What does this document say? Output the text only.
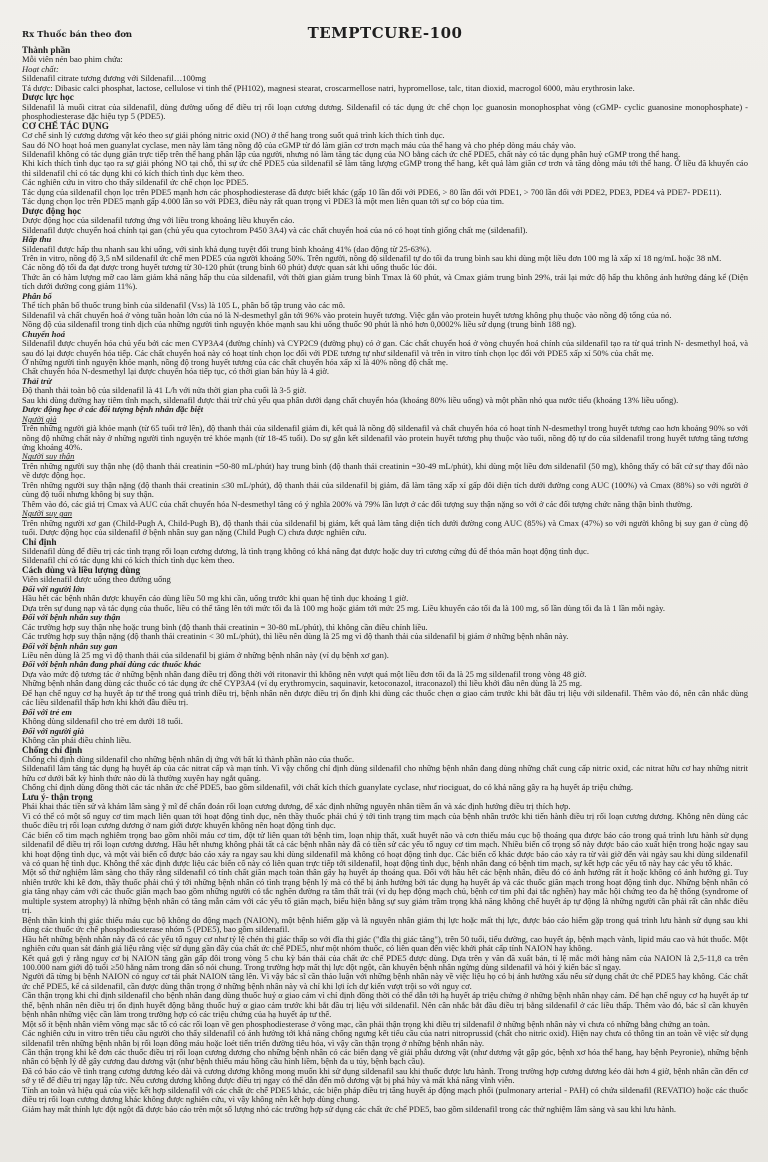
Rx Thuốc bán theo đơn	TEMPTCURE-100

Thành phần

Mỗi viên nén bao phim chứa:

Hoạt chất:

Sildenafil citrate tương đương với Sildenafil…100mg

Tá dược: Dibasic calci phosphat, lactose, cellulose vi tinh thể (PH102), magnesi stearat, croscarmellose natri, hypromellose, talc, titan dioxid, macrogol 6000, màu erythrosin lake.

Dược lực học

Sildenafil là muối citrat của sildenafil, dùng đường uống để điều trị rối loạn cương dương. Sildenafil có tác dụng ức chế chọn lọc guanosin monophosphat vòng (cGMP- cyclic guanosine monophosphate) - phosphodiesterase đặc hiệu typ 5 (PDE5).

CƠ CHẾ TÁC DỤNG

Cơ chế sinh lý cương dương vật kéo theo sự giải phóng nitric oxid (NO) ở thể hang trong suốt quá trình kích thích tình dục.

Sau đó NO hoạt hoá men guanylat cyclase, men này làm tăng nồng độ của cGMP từ đó làm giãn cơ trơn mạch máu của thể hang và cho phép dòng máu chảy vào.

Sildenafil không có tác dụng giãn trực tiếp trên thể hang phân lập của người, nhưng nó làm tăng tác dụng của NO bằng cách ức chế PDE5, chất này có tác dụng phân huỷ cGMP trong thể hang.

Khi kích thích tình dục tạo ra sự giải phóng NO tại chỗ, thì sự ức chế PDE5 của sildenafil sẽ làm tăng lượng cGMP trong thể hang, kết quả làm giãn cơ trơn và tăng dòng máu tới thể hang. Ở liều đã khuyến cáo thì sildenafil chỉ có tác dụng khi có kích thích tình dục kèm theo.

Các nghiên cứu in vitro cho thấy sildenafil ức chế chọn lọc PDE5.

Tác dụng của sildenafil chọn lọc trên PDE5 mạnh hơn các phosphodiesterase đã được biết khác (gấp 10 lần đối với PDE6, > 80 lần đối với PDE1, > 700 lần đối với PDE2, PDE3, PDE4 và PDE7- PDE11).

Tác dụng chọn lọc trên PDE5 mạnh gấp 4.000 lần so với PDE3, điều này rất quan trọng vì PDE3 là một men liên quan tới sự co bóp của tim.

Dược động học

Dược động học của sildenafil tương ứng với liều trong khoảng liều khuyến cáo.

Sildenafil được chuyển hoá chính tại gan (chủ yếu qua cytochrom P450 3A4) và các chất chuyển hoá của nó có hoạt tính giống chất mẹ (sildenafil).

Hấp thu

Sildenafil được hấp thu nhanh sau khi uống, với sinh khả dụng tuyệt đối trung bình khoảng 41% (dao động từ 25-63%).

Trên in vitro, nồng độ 3,5 nM sildenafil ức chế men PDE5 của người khoảng 50%. Trên người, nồng độ sildenafil tự do tối đa trung bình sau khi dùng một liều đơn 100 mg là xấp xỉ 18 ng/mL hoặc 38 nM.

Các nồng độ tối đa đạt được trong huyết tương từ 30-120 phút (trung bình 60 phút) được quan sát khi uống thuốc lúc đói.

Thức ăn có hàm lượng mỡ cao làm giảm khả năng hấp thu của sildenafil, với thời gian giảm trung bình Tmax là 60 phút, và Cmax giảm trung bình 29%, trải lại mức độ hấp thu không ảnh hưởng đáng kể (Diện tích dưới đường cong giảm 11%).

Phân bố

Thể tích phân bố thuốc trung bình của sildenafil (Vss) là 105 L, phân bố tập trung vào các mô.

Sildenafil và chất chuyển hoá ở vòng tuần hoàn lớn của nó là N-desmethyl gắn tới 96% vào protein huyết tương. Việc gắn vào protein huyết tương không phụ thuộc vào nồng độ tổng của nó.

Nồng độ của sildenafil trong tinh dịch của những người tình nguyện khỏe mạnh sau khi uống thuốc 90 phút là nhỏ hơn 0,0002% liều sử dụng (trung bình 188 ng).

Chuyển hoá

Sildenafil được chuyển hóa chủ yếu bởi các men CYP3A4 (đường chính) và CYP2C9 (đường phụ) có ở gan. Các chất chuyển hoá ở vòng chuyển hoá chính của sildenafil tạo ra từ quá trình N- desmethyl hoá, và sau đó lại được chuyển hóa tiếp. Các chất chuyển hoá này có hoạt tính chọn lọc đối với PDE tương tự như sildenafil và trên in vitro tính chọn lọc đối với PDE5 xấp xỉ 50% của chất mẹ.

Ở những người tình nguyện khỏe mạnh, nồng độ trong huyết tương của các chất chuyển hóa xấp xỉ là 40% nồng độ chất mẹ.

Chất chuyển hóa N-desmethyl lại được chuyển hóa tiếp tục, có thời gian bán hủy là 4 giờ.

Thải trừ

Độ thanh thải toàn bộ của sildenafil là 41 L/h với nửa thời gian pha cuối là 3-5 giờ.

Sau khi dùng đường hay tiêm tĩnh mạch, sildenafil được thải trừ chủ yếu qua phân dưới dạng chất chuyển hóa (khoảng 80% liều uống) và một phần nhỏ qua nước tiểu (khoảng 13% liều uống).

Dược động học ở các đối tượng bệnh nhân đặc biệt

Người già

Trên những người già khỏe mạnh (từ 65 tuổi trở lên), độ thanh thải của sildenafil giảm đi, kết quả là nồng độ sildenafil và chất chuyển hóa có hoạt tính N-desmethyl trong huyết tương cao hơn khoảng 90% so với nồng độ những chất này ở những người tình nguyện trẻ khỏe mạnh (từ 18-45 tuổi). Do sự gắn kết sildenafil vào protein huyết tương phụ thuộc vào tuổi, nồng độ tự do của sildenafil trong huyết tương tăng tương ứng khoảng 40%.

Người suy thận

Trên những người suy thận nhẹ (độ thanh thải creatinin =50-80 mL/phút) hay trung bình (độ thanh thải creatinin =30-49 mL/phút), khi dùng một liều đơn sildenafil (50 mg), không thấy có bất cứ sự thay đổi nào về dược động học.

Trên những người suy thận nặng (độ thanh thải creatinin ≤30 mL/phút), độ thanh thải của sildenafil bị giảm, đã làm tăng xấp xỉ gấp đôi diện tích dưới đường cong AUC (100%) và Cmax (88%) so với người ở cùng độ tuổi nhưng không bị suy thận.

Thêm vào đó, các giá trị Cmax và AUC của chất chuyển hóa N-desmethyl tăng có ý nghĩa 200% và 79% lần lượt ở các đối tượng suy thận nặng so với ở các đối tượng chức năng thận bình thường.

Người suy gan

Trên những người xơ gan (Child-Pugh A, Child-Pugh B), độ thanh thải của sildenafil bị giảm, kết quả làm tăng diện tích dưới đường cong AUC (85%) và Cmax (47%) so với người không bị suy gan ở cùng độ tuổi. Dược động học của sildenafil ở bệnh nhân suy gan nặng (Child Pugh C) chưa được nghiên cứu.

Chỉ định

Sildenafil dùng để điều trị các tình trạng rối loạn cương dương, là tình trạng không có khả năng đạt được hoặc duy trì cương cứng đủ để thỏa mãn hoạt động tình dục.

Sildenafil chỉ có tác dụng khi có kích thích tình dục kèm theo.

Cách dùng và liều lượng dùng

Viên sildenafil được uống theo đường uống

Đối với người lớn

Hầu hết các bệnh nhân được khuyến cáo dùng liều 50 mg khi cần, uống trước khi quan hệ tình dục khoảng 1 giờ.

Dựa trên sự dung nạp và tác dụng của thuốc, liều có thể tăng lên tới mức tối đa là 100 mg hoặc giảm tới mức 25 mg. Liều khuyến cáo tối đa là 100 mg, số lần dùng tối đa là 1 lần mỗi ngày.

Đối với bệnh nhân suy thận

Các trường hợp suy thận nhẹ hoặc trung bình (độ thanh thải creatinin = 30-80 mL/phút), thì không cần điều chỉnh liều.

Các trường hợp suy thận nặng (độ thanh thải creatinin < 30 mL/phút), thì liều nên dùng là 25 mg vì độ thanh thải của sildenafil bị giảm ở những bệnh nhân này.

Đối với bệnh nhân suy gan

Liều nên dùng là 25 mg vì độ thanh thải của sildenafil bị giảm ở những bệnh nhân này (ví dụ bệnh xơ gan).

Đối với bệnh nhân đang phải dùng các thuốc khác

Dựa vào mức độ tương tác ở những bệnh nhân đang điều trị đồng thời với ritonavir thì không nên vượt quá một liều đơn tối đa là 25 mg sildenafil trong vòng 48 giờ.

Những bệnh nhân đang dùng các thuốc có tác dụng ức chế CYP3A4 (ví dụ erythromycin, saquinavir, ketoconazol, itraconazol) thì liều khởi đầu nên dùng là 25 mg.

Để hạn chế nguy cơ hạ huyết áp tư thế trong quá trình điều trị, bệnh nhân nên được điều trị ổn định khi dùng các thuốc chẹn α giao cảm trước khi bắt đầu trị liệu với sildenafil. Thêm vào đó, nên cân nhắc dùng các liều sildenafil thấp hơn khi khởi đầu điều trị.

Đối với trẻ em

Không dùng sildenafil cho trẻ em dưới 18 tuổi.

Đối với người già

Không cần phải điều chỉnh liều.

Chống chỉ định

Chống chỉ định dùng sildenafil cho những bệnh nhân dị ứng với bất kì thành phần nào của thuốc.

Sildenafil làm tăng tác dụng hạ huyết áp của các nitrat cấp và mạn tính. Vì vậy chống chỉ định dùng sildenafil cho những bệnh nhân đang dùng những chất cung cấp nitric oxid, các nitrat hữu cơ hay những nitrit hữu cơ dưới bất kỳ hình thức nào dù là thường xuyên hay ngắt quãng.

Chống chỉ định dùng đồng thời các tác nhân ức chế PDE5, bao gồm sildenafil, với chất kích thích guanylate cyclase, như riociguat, do có khả năng gây ra hạ huyết áp triệu chứng.

Lưu ý- thận trọng

Phải khai thác tiền sử và khám lâm sàng ỹ mĩ để chẩn đoán rối loạn cương dương, để xác định những nguyên nhân tiềm ẩn và xác định hướng điều trị thích hợp.

Vì có thể có một số nguy cơ tim mạch liên quan tới hoạt động tình dục, nên thầy thuốc phải chú ý tới tình trạng tim mạch của bệnh nhân trước khi tiến hành điều trị rối loạn cương dương. Không nên dùng các thuốc điều trị rối loạn cương dương ở nam giới được khuyến không nên hoạt động tình dục.

Các biến cố tim mạch nghiêm trọng bao gồm nhồi máu cơ tim, đột tử liên quan tới bệnh tim, loạn nhịp thất, xuất huyết não và cơn thiếu máu cục bộ thoáng qua được báo cáo trong quá trình lưu hành sử dụng sildenafil để điều trị rối loạn cương dương. Hầu hết nhưng không phải tất cả các bệnh nhân này đã có tiền sử các yếu tố nguy cơ tim mạch. Nhiều biến cố trọng số này được báo cáo xuất hiện trong hoặc ngay sau khi hoạt động tình dục, và một vài biến cố được báo cáo xảy ra ngay sau khi dùng sildenafil mà không có hoạt động tình dục. Các biến cố khác được báo cáo xảy ra từ vài giờ đến vài ngày sau khi dùng sildenafil và có quan hệ tình dục. Không thể xác định được liệu các biến cố này có liên quan trực tiếp tới sildenafil, hoạt động tình dục, bệnh nhân đang có bệnh tim mạch, sự kết hợp các yếu tố này hay các yếu tố khác.

Một số thử nghiệm lâm sàng cho thấy rằng sildenafil có tính chất giãn mạch toàn thân gây hạ huyết áp thoáng qua. Đối với hầu hết các bệnh nhân, điều đó có ảnh hưởng rất ít hoặc không có ảnh hưởng gì. Tuy nhiên trước khi kê đơn, thầy thuốc phải chú ý tới những bệnh nhân có tình trạng bệnh lý mà có thể bị ảnh hưởng bởi tác dụng hạ huyết áp và các thuốc giãn mạch trong hoạt động tình dục. Những bệnh nhân có gia tăng nhạy cảm với các thuốc giãn mạch bao gồm những người có tắc nghẽn đường ra tâm thất trái (ví dụ hẹp động mạch chủ, bệnh cơ tim phì đại tắc nghẽn) hay mắc hội chứng teo đa hệ thống (syndrome of multiple system atrophy) là những bệnh nhân có tăng mẫn cảm với các yếu tố giãn mạch, biểu hiện bằng sự suy giảm trầm trọng khả năng không chế huyết áp tự động là những người cần phải rất cân nhắc điều trị.

Bệnh thần kinh thị giác thiếu máu cục bộ không do động mạch (NAION), một bệnh hiếm gặp và là nguyên nhân giảm thị lực hoặc mất thị lực, được báo cáo hiếm gặp trong quá trình lưu hành sử dụng sau khi dùng các thuốc ức chế phosphodiesterase nhóm 5 (PDE5), bao gồm sildenafil.

Hầu hết những bệnh nhân này đã có các yếu tố nguy cơ như tỷ lệ chén thị giác thấp so với đĩa thị giác ("đĩa thị giác tăng"), trên 50 tuổi, tiểu đường, cao huyết áp, bệnh mạch vành, lipid máu cao và hút thuốc. Một nghiên cứu quan sát đánh giá liệu rằng việc sử dụng gần đây của chất ức chế PDE5, như một nhóm thuốc, có liên quan đến việc khởi phát cấp tính NAION hay không.

Kết quả gợi ý rằng nguy cơ bị NAION tăng gần gấp đôi trong vòng 5 chu kỳ bán thải của chất ức chế PDE5 được dùng. Dựa trên y văn đã xuất bản, tỉ lệ mắc mới hàng năm của NAION là 2,5-11,8 ca trên 100.000 nam giới độ tuổi ≥50 hằng năm trong dân số nói chung. Trong trường hợp mất thị lực đột ngột, cần khuyên bệnh nhân ngừng dùng sildenafil và hỏi ý kiến bác sĩ ngay.

Người đã từng bị bệnh NAION có nguy cơ tái phát NAION tăng lên. Vì vậy bác sĩ cần thảo luận với những bệnh nhân này về việc liệu họ có bị ảnh hưởng xấu nếu sử dụng chất ức chế PDE5 hay không. Các chất ức chế PDE5, kể cả sildenafil, cần được dùng thận trọng ở những bệnh nhân này và chỉ khi lợi ích dự kiến vượt trội so với nguy cơ.

Cần thận trọng khi chỉ định sildenafil cho bệnh nhân đang dùng thuốc huỷ α giao cảm vì chỉ định đồng thời có thể dẫn tới hạ huyết áp triệu chứng ở những bệnh nhân nhạy cảm. Để hạn chế nguy cơ hạ huyết áp tư thế, bệnh nhân nên điều trị ổn định huyết động bằng thuốc huỷ α giao cảm trước khi bắt đầu trị liệu với sildenafil. Nên cân nhắc bắt đầu điều trị bằng sildenafil ở các liều thấp. Thêm vào đó, bác sĩ cần khuyên bệnh nhân những việc cần làm trong trường hợp có các triệu chứng của hạ huyết áp tư thế.

Một số ít bệnh nhân viêm võng mạc sắc tố có các rối loạn về gen phosphodiesterase ở võng mạc, cần phải thận trọng khi điều trị sildenafil ở những bệnh nhân này vì chưa có những bằng chứng an toàn.

Các nghiên cứu in vitro trên tiểu cầu người cho thấy sildenafil có ảnh hưởng tới khả năng chống ngưng kết tiểu cầu của natri nitroprussid (chất cho nitric oxid). Hiện nay chưa có thông tin an toàn về việc sử dụng sildenafil trên những bệnh nhân bị rối loạn đông máu hoặc loét tiến triển đường tiêu hóa, vì vậy cần thận trọng ở những bệnh nhân này.

Cần thận trọng khi kê đơn các thuốc điều trị rối loạn cương dương cho những bệnh nhân có các biến dạng về giải phẫu dương vật (như dương vật gập góc, bệnh xơ hóa thể hang, hay bệnh Peyronie), những bệnh nhân có bệnh lý dễ gây cương đau dương vật (như bệnh thiếu máu hồng cầu hình liềm, bệnh đa u tủy, bệnh bạch cầu).

Đã có báo cáo về tình trạng cương dương kéo dài và cương dương không mong muốn khi sử dụng sildenafil sau khi thuốc được lưu hành. Trong trường hợp cương dương kéo dài hơn 4 giờ, bệnh nhân cần đến cơ sở y tế để điều trị ngay lập tức. Nếu cương dương không được điều trị ngay có thể dẫn đến mô dương vật bị phá hủy và mất khả năng vĩnh viễn.

Tính an toàn và hiệu quả của việc kết hợp sildenafil với các chất ức chế PDE5 khác, các biện pháp điều trị tăng huyết áp động mạch phổi (pulmonary arterial - PAH) có chứa sildenafil (REVATIO) hoặc các thuốc điều trị rối loạn cương dương khác không được nghiên cứu, vì vậy không nên kết hợp dùng chung.

Giảm hay mất thính lực đột ngột đã được báo cáo trên một số lượng nhỏ các trường hợp sử dụng các chất ức chế PDE5, bao gồm sildenafil trong các thử nghiệm lâm sàng và sau khi lưu hành.
